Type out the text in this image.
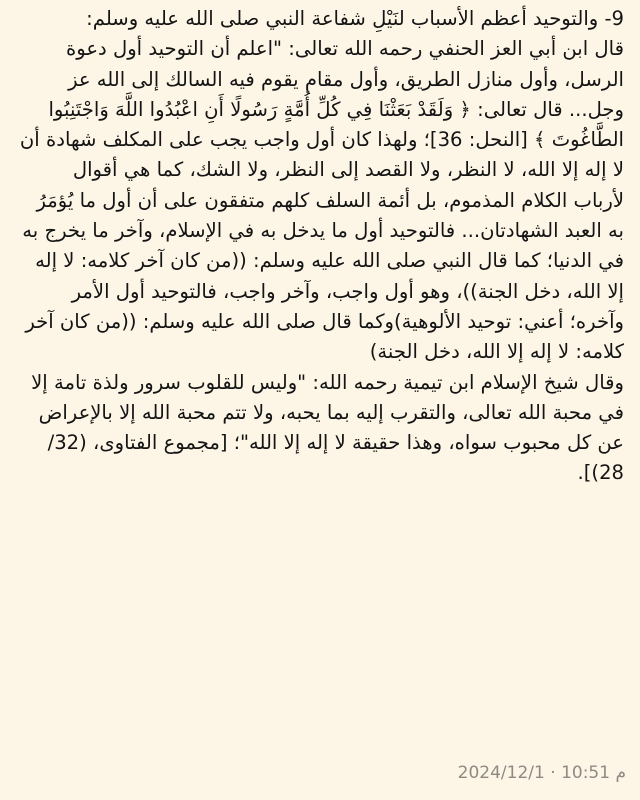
9- والتوحيد أعظم الأسباب لنَيْلِ شفاعة النبي صلى الله عليه وسلم:

قال ابن أبي العز الحنفي رحمه الله تعالى: "اعلم أن التوحيد أول دعوة الرسل، وأول منازل الطريق، وأول مقام يقوم فيه السالك إلى الله عز وجل... قال تعالى: ﴿ وَلَقَدْ بَعَثْنَا فِي كُلِّ أُمَّةٍ رَسُولًا أَنِ اعْبُدُوا اللَّهَ وَاجْتَنِبُوا الطَّاغُوتَ ﴾ [النحل: 36]؛ ولهذا كان أول واجب يجب على المكلف شهادة أن لا إله إلا الله، لا النظر، ولا القصد إلى النظر، ولا الشك، كما هي أقوال لأرباب الكلام المذموم، بل أئمة السلف كلهم متفقون على أن أول ما يُؤمَرُ به العبد الشهادتان... فالتوحيد أول ما يدخل به في الإسلام، وآخر ما يخرج به في الدنيا؛ كما قال النبي صلى الله عليه وسلم: ((من كان آخر كلامه: لا إله إلا الله، دخل الجنة))، وهو أول واجب، وآخر واجب، فالتوحيد أول الأمر وآخره؛ أعني: توحيد الألوهية)وكما قال صلى الله عليه وسلم: ((من كان آخر كلامه: لا إله إلا الله، دخل الجنة)

وقال شيخ الإسلام ابن تيمية رحمه الله: "وليس للقلوب سرور ولذة تامة إلا في محبة الله تعالى، والتقرب إليه بما يحبه، ولا تتم محبة الله إلا بالإعراض عن كل محبوب سواه، وهذا حقيقة لا إله إلا الله"؛ [مجموع الفتاوى، (32/ 28)].

2024/12/1 · 10:51 م
